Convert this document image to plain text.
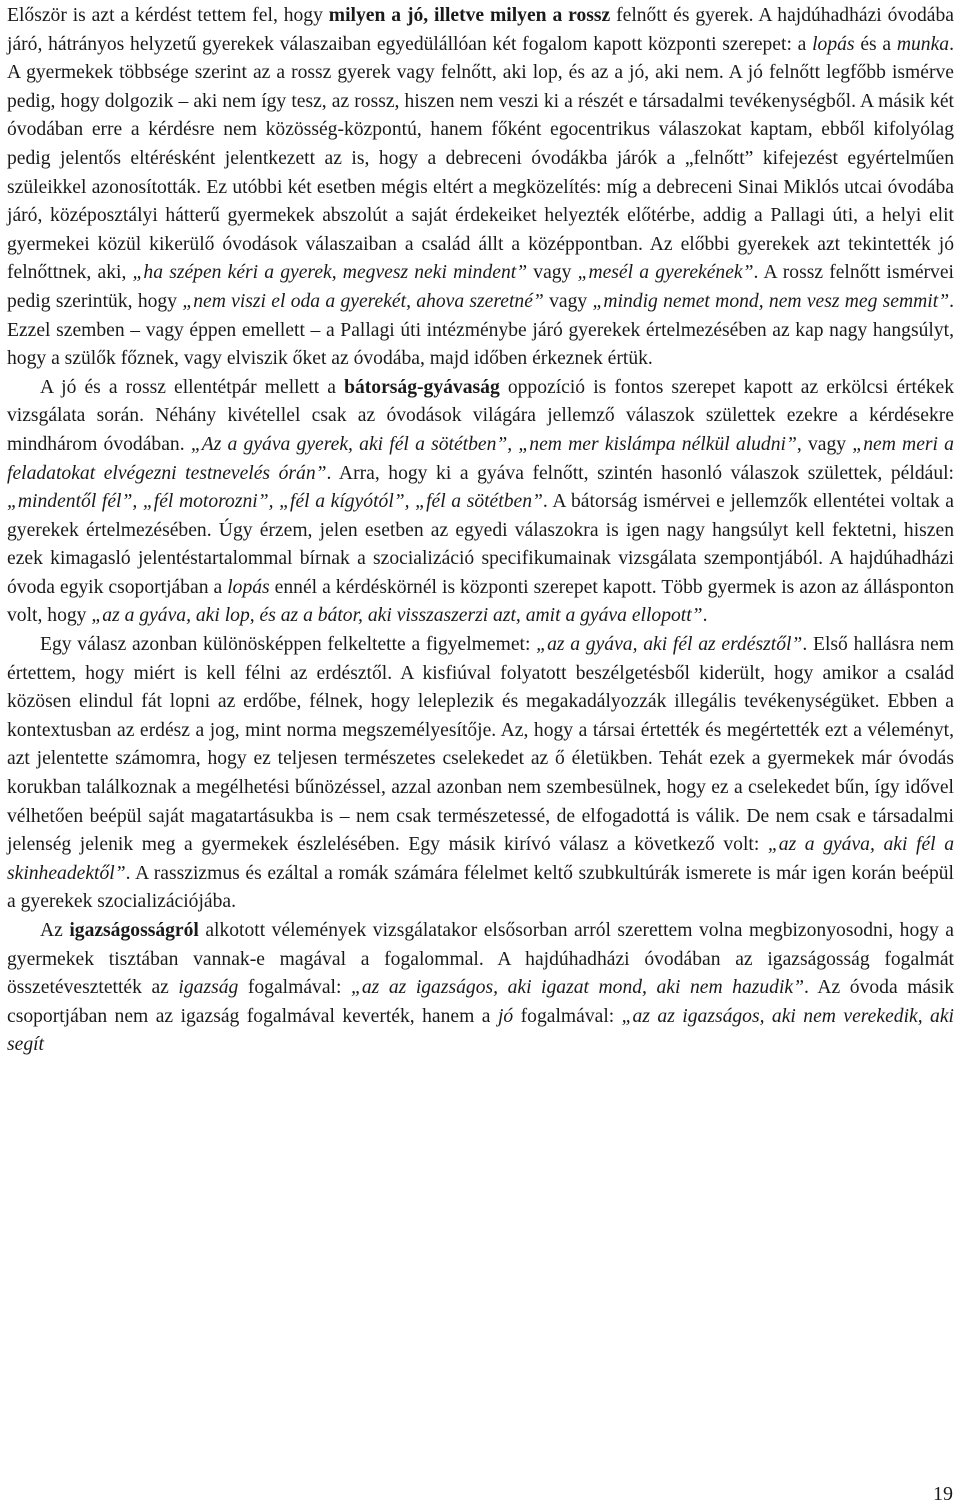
Először is azt a kérdést tettem fel, hogy milyen a jó, illetve milyen a rossz felnőtt és gyerek. A hajdúhadházi óvodába járó, hátrányos helyzetű gyerekek válaszaiban egyedülállóan két fogalom kapott központi szerepet: a lopás és a munka. A gyermekek többsége szerint az a rossz gyerek vagy felnőtt, aki lop, és az a jó, aki nem. A jó felnőtt legfőbb ismérve pedig, hogy dolgozik – aki nem így tesz, az rossz, hiszen nem veszi ki a részét e társadalmi tevékenységből. A másik két óvodában erre a kérdésre nem közösség-központú, hanem főként egocentrikus válaszokat kaptam, ebből kifolyólag pedig jelentős eltérésként jelentkezett az is, hogy a debreceni óvodákba járók a „felnőtt” kifejezést egyértelműen szüleikkel azonosították. Ez utóbbi két esetben mégis eltért a megközelítés: míg a debreceni Sinai Miklós utcai óvodába járó, középosztályi hátterű gyermekek abszolút a saját érdekeiket helyezték előtérbe, addig a Pallagi úti, a helyi elit gyermekei közül kikerülő óvodások válaszaiban a család állt a középpontban. Az előbbi gyerekek azt tekintették jó felnőttnek, aki, „ha szépen kéri a gyerek, megvesz neki mindent” vagy „mesél a gyerekének”. A rossz felnőtt ismérvei pedig szerintük, hogy „nem viszi el oda a gyerekét, ahova szeretné” vagy „mindig nemet mond, nem vesz meg semmit”. Ezzel szemben – vagy éppen emellett – a Pallagi úti intézménybe járó gyerekek értelmezésében az kap nagy hangsúlyt, hogy a szülők főznek, vagy elviszik őket az óvodába, majd időben érkeznek értük.

A jó és a rossz ellentétpár mellett a bátorság-gyávaság oppozíció is fontos szerepet kapott az erkölcsi értékek vizsgálata során. Néhány kivétellel csak az óvodások világára jellemző válaszok születtek ezekre a kérdésekre mindhárom óvodában. „Az a gyáva gyerek, aki fél a sötétben”, „nem mer kislámpa nélkül aludni”, vagy „nem meri a feladatokat elvégezni testnevelés órán”. Arra, hogy ki a gyáva felnőtt, szintén hasonló válaszok születtek, például: „mindentől fél”, „fél motorozni”, „fél a kígyótól”, „fél a sötétben”. A bátorság ismérvei e jellemzők ellentétei voltak a gyerekek értelmezésében. Úgy érzem, jelen esetben az egyedi válaszokra is igen nagy hangsúlyt kell fektetni, hiszen ezek kimagasló jelentéstartalommal bírnak a szocializáció specifikumainak vizsgálata szempontjából. A hajdúhadházi óvoda egyik csoportjában a lopás ennél a kérdéskörnél is központi szerepet kapott. Több gyermek is azon az állásponton volt, hogy „az a gyáva, aki lop, és az a bátor, aki visszaszerzi azt, amit a gyáva ellopott”.

Egy válasz azonban különösképpen felkeltette a figyelmemet: „az a gyáva, aki fél az erdésztől”. Első hallásra nem értettem, hogy miért is kell félni az erdésztől. A kisfiúval folyatott beszélgetésből kiderült, hogy amikor a család közösen elindul fát lopni az erdőbe, félnek, hogy leleplezik és megakadályozzák illegális tevékenységüket. Ebben a kontextusban az erdész a jog, mint norma megszemélyesítője. Az, hogy a társai értették és megértették ezt a véleményt, azt jelentette számomra, hogy ez teljesen természetes cselekedet az ő életükben. Tehát ezek a gyermekek már óvodás korukban találkoznak a megélhetési bűnözéssel, azzal azonban nem szembesülnek, hogy ez a cselekedet bűn, így idővel vélhetően beépül saját magatartásukba is – nem csak természetessé, de elfogadottá is válik. De nem csak e társadalmi jelenség jelenik meg a gyermekek észlelésében. Egy másik kirívó válasz a következő volt: „az a gyáva, aki fél a skinheadektől”. A rasszizmus és ezáltal a romák számára félelmet keltő szubkultúrák ismerete is már igen korán beépül a gyerekek szocializációjába.

Az igazságosságról alkotott vélemények vizsgálatakor elsősorban arról szerettem volna megbizonyosodni, hogy a gyermekek tisztában vannak-e magával a fogalommal. A hajdúhadházi óvodában az igazságosság fogalmát összetévesztették az igazság fogalmával: „az az igazságos, aki igazat mond, aki nem hazudik”. Az óvoda másik csoportjában nem az igazság fogalmával keverték, hanem a jó fogalmával: „az az igazságos, aki nem verekedik, aki segít

19
